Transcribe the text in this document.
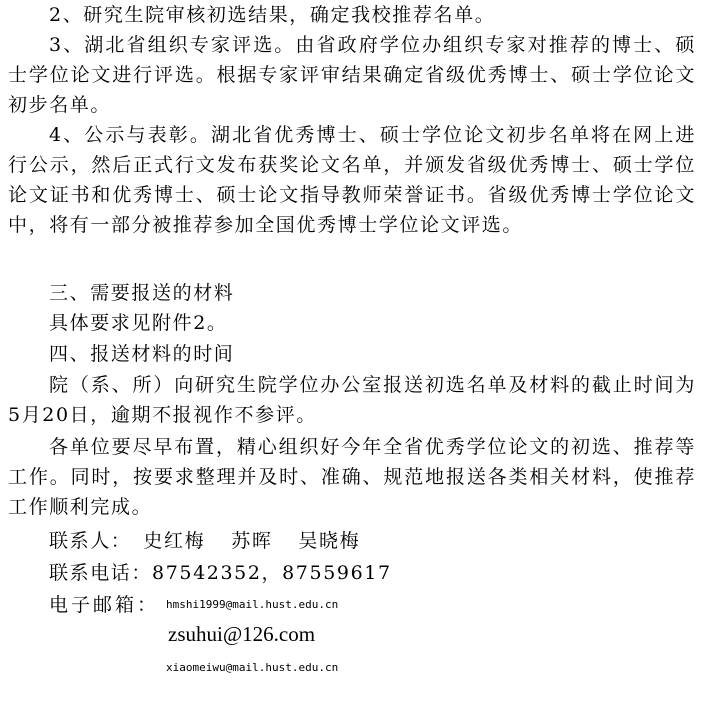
2、研究生院审核初选结果，确定我校推荐名单。

3、湖北省组织专家评选。由省政府学位办组织专家对推荐的博士、硕士学位论文进行评选。根据专家评审结果确定省级优秀博士、硕士学位论文初步名单。

4、公示与表彰。湖北省优秀博士、硕士学位论文初步名单将在网上进行公示，然后正式行文发布获奖论文名单，并颁发省级优秀博士、硕士学位论文证书和优秀博士、硕士论文指导教师荣誉证书。省级优秀博士学位论文中，将有一部分被推荐参加全国优秀博士学位论文评选。

三、需要报送的材料

具体要求见附件2。

四、报送材料的时间

院（系、所）向研究生院学位办公室报送初选名单及材料的截止时间为5月20日，逾期不报视作不参评。

各单位要尽早布置，精心组织好今年全省优秀学位论文的初选、推荐等工作。同时，按要求整理并及时、准确、规范地报送各类相关材料，使推荐工作顺利完成。

联系人： 史红梅 苏晖 吴晓梅

联系电话：87542352，87559617

电子邮箱： hmshi1999@mail.hust.edu.cn

zsuhui@126.com

xiaomeiwu@mail.hust.edu.cn
